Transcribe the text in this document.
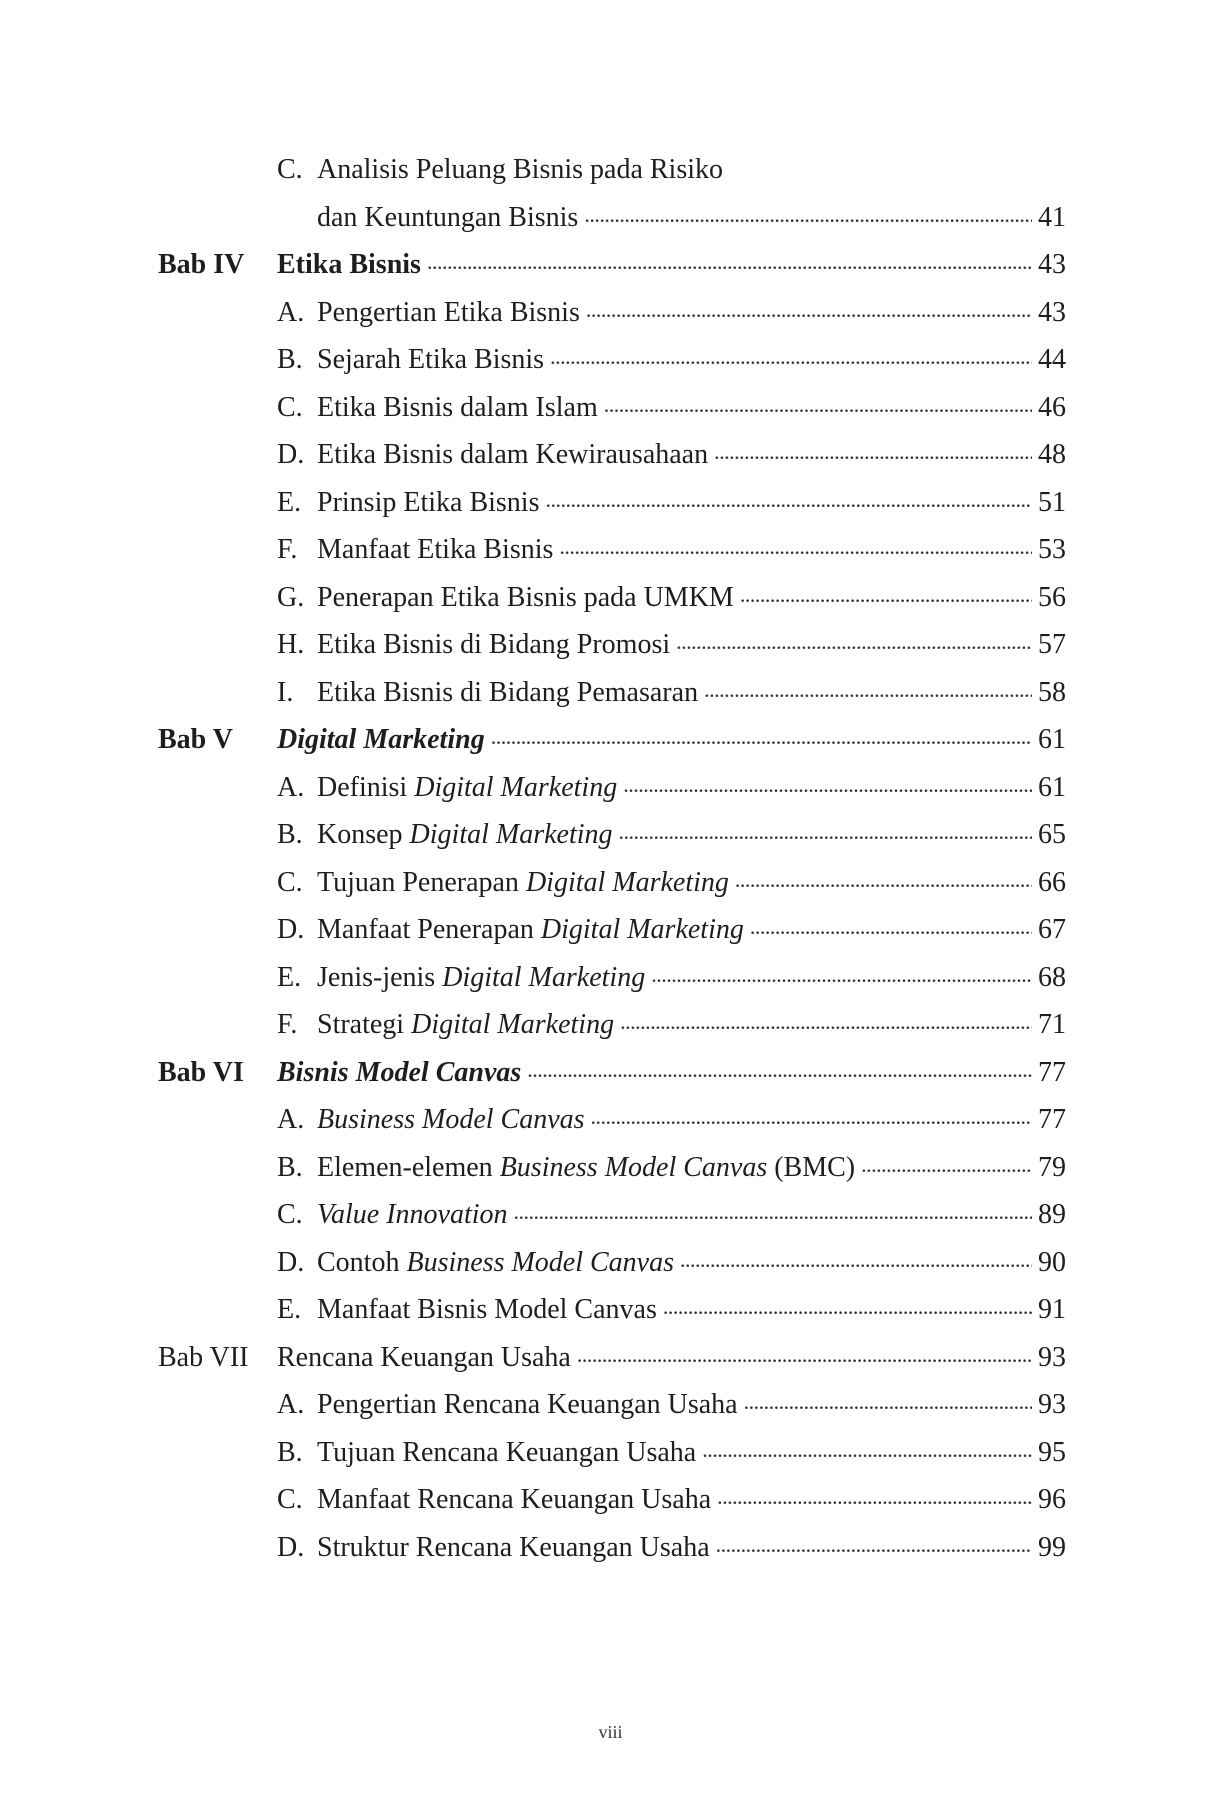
C. Analisis Peluang Bisnis pada Risiko
dan Keuntungan Bisnis . . .	41
Bab IV Etika Bisnis . . .	43
A. Pengertian Etika Bisnis . . .	43
B. Sejarah Etika Bisnis . . .	44
C. Etika Bisnis dalam Islam . . .	46
D. Etika Bisnis dalam Kewirausahaan . . .	48
E. Prinsip Etika Bisnis . . .	51
F. Manfaat Etika Bisnis . . .	53
G. Penerapan Etika Bisnis pada UMKM . . .	56
H. Etika Bisnis di Bidang Promosi . . .	57
I. Etika Bisnis di Bidang Pemasaran . . .	58
Bab V Digital Marketing . . .	61
A. Definisi Digital Marketing . . .	61
B. Konsep Digital Marketing . . .	65
C. Tujuan Penerapan Digital Marketing . . .	66
D. Manfaat Penerapan Digital Marketing . . .	67
E. Jenis-jenis Digital Marketing . . .	68
F. Strategi Digital Marketing . . .	71
Bab VI Bisnis Model Canvas . . .	77
A. Business Model Canvas . . .	77
B. Elemen-elemen Business Model Canvas (BMC) . . .	79
C. Value Innovation . . .	89
D. Contoh Business Model Canvas . . .	90
E. Manfaat Bisnis Model Canvas . . .	91
Bab VII Rencana Keuangan Usaha . . .	93
A. Pengertian Rencana Keuangan Usaha . . .	93
B. Tujuan Rencana Keuangan Usaha . . .	95
C. Manfaat Rencana Keuangan Usaha . . .	96
D. Struktur Rencana Keuangan Usaha . . .	99
viii
